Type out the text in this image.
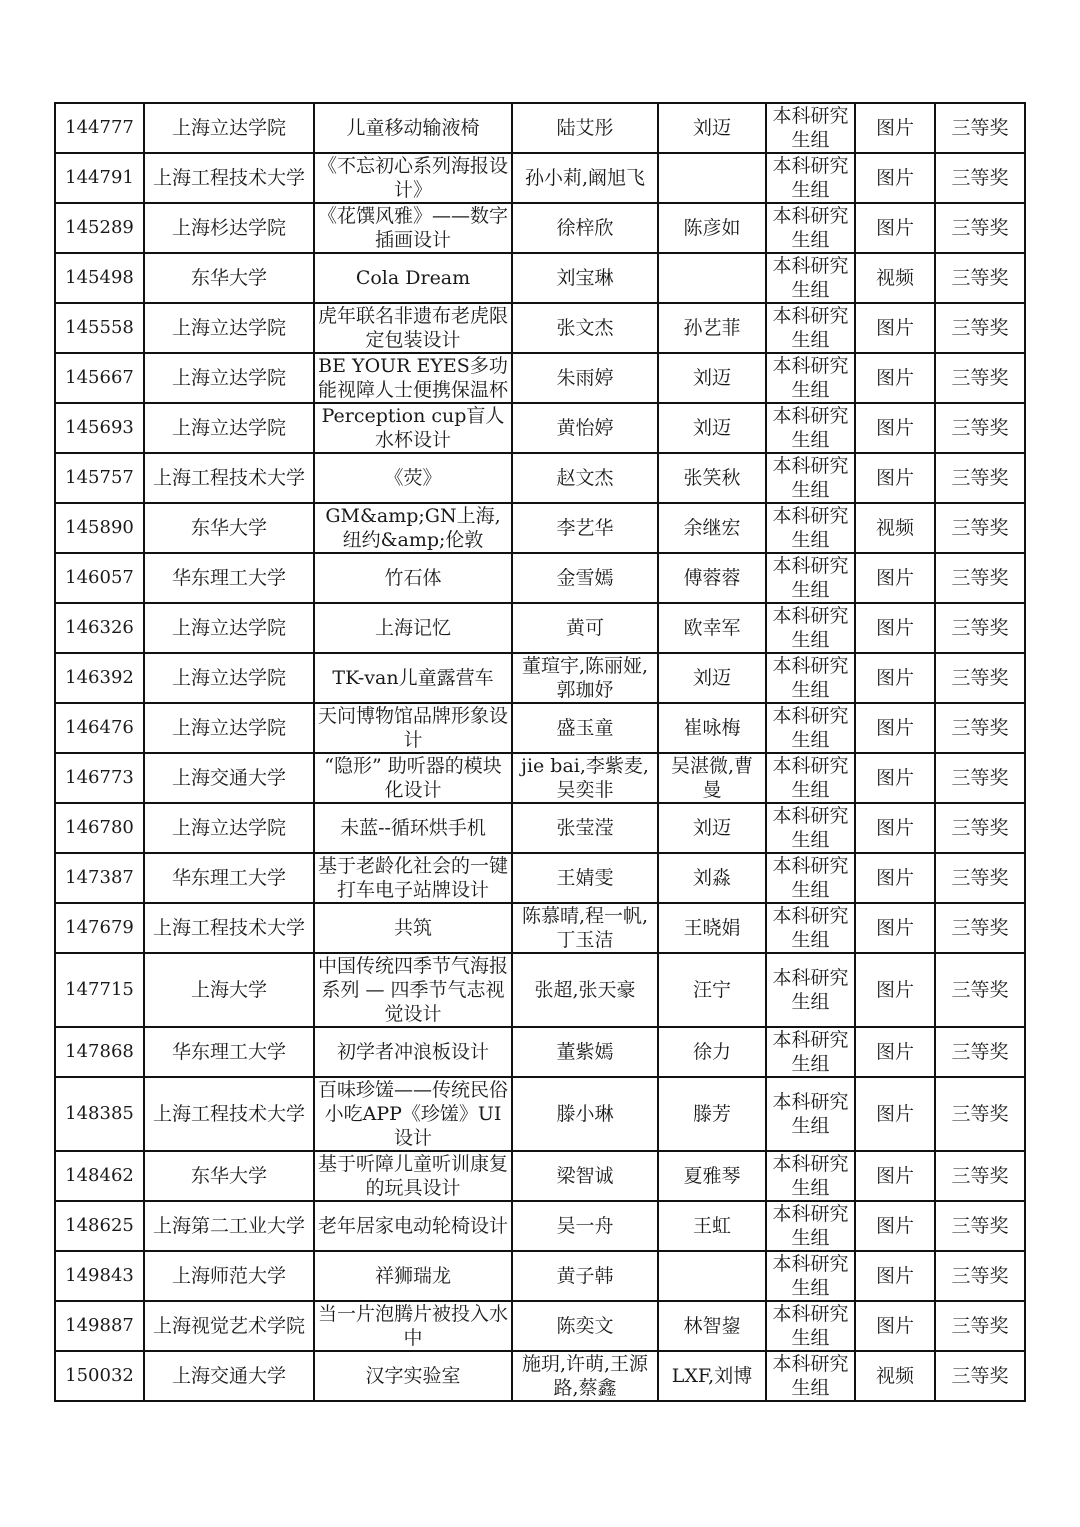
144777	上海立达学院	儿童移动输液椅	陆艾彤	刘迈	本科研究生组	图片	三等奖
144791	上海工程技术大学	《不忘初心系列海报设计》	孙小莉,阚旭飞		本科研究生组	图片	三等奖
145289	上海杉达学院	《花馔风雅》——数字插画设计	徐梓欣	陈彦如	本科研究生组	图片	三等奖
145498	东华大学	Cola Dream	刘宝琳		本科研究生组	视频	三等奖
145558	上海立达学院	虎年联名非遗布老虎限定包装设计	张文杰	孙艺菲	本科研究生组	图片	三等奖
145667	上海立达学院	BE YOUR EYES多功能视障人士便携保温杯	朱雨婷	刘迈	本科研究生组	图片	三等奖
145693	上海立达学院	Perception cup盲人水杯设计	黄怡婷	刘迈	本科研究生组	图片	三等奖
145757	上海工程技术大学	《荧》	赵文杰	张笑秋	本科研究生组	图片	三等奖
145890	东华大学	GM&amp;GN上海,纽约&amp;伦敦	李艺华	余继宏	本科研究生组	视频	三等奖
146057	华东理工大学	竹石体	金雪嫣	傅蓉蓉	本科研究生组	图片	三等奖
146326	上海立达学院	上海记忆	黄可	欧幸军	本科研究生组	图片	三等奖
146392	上海立达学院	TK-van儿童露营车	董瑄宇,陈丽娅,郭珈妤	刘迈	本科研究生组	图片	三等奖
146476	上海立达学院	天问博物馆品牌形象设计	盛玉童	崔咏梅	本科研究生组	图片	三等奖
146773	上海交通大学	“隐形” 助听器的模块化设计	jie bai,李紫麦,吴奕非	吴湛微,曹曼	本科研究生组	图片	三等奖
146780	上海立达学院	未蓝--循环烘手机	张莹滢	刘迈	本科研究生组	图片	三等奖
147387	华东理工大学	基于老龄化社会的一键打车电子站牌设计	王婧雯	刘淼	本科研究生组	图片	三等奖
147679	上海工程技术大学	共筑	陈慕晴,程一帆,丁玉洁	王晓娟	本科研究生组	图片	三等奖
147715	上海大学	中国传统四季节气海报系列 — 四季节气志视觉设计	张超,张天豪	汪宁	本科研究生组	图片	三等奖
147868	华东理工大学	初学者冲浪板设计	董紫嫣	徐力	本科研究生组	图片	三等奖
148385	上海工程技术大学	百味珍馐——传统民俗小吃APP《珍馐》UI设计	滕小琳	滕芳	本科研究生组	图片	三等奖
148462	东华大学	基于听障儿童听训康复的玩具设计	梁智诚	夏雅琴	本科研究生组	图片	三等奖
148625	上海第二工业大学	老年居家电动轮椅设计	吴一舟	王虹	本科研究生组	图片	三等奖
149843	上海师范大学	祥狮瑞龙	黄子韩		本科研究生组	图片	三等奖
149887	上海视觉艺术学院	当一片泡腾片被投入水中	陈奕文	林智鋆	本科研究生组	图片	三等奖
150032	上海交通大学	汉字实验室	施玥,许萌,王源路,蔡鑫	LXF,刘博	本科研究生组	视频	三等奖
